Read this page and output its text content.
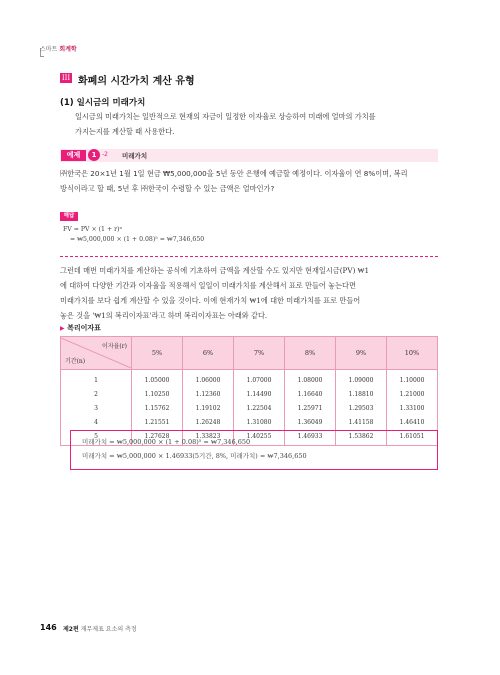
스마트 회계학
III 화폐의 시간가치 계산 유형
(1) 일시금의 미래가치
일시금의 미래가치는 일반적으로 현재의 자금이 일정한 이자율로 상승하여 미래에 얼마의 가치를
가지는지를 계산할 때 사용한다.
예제	1 -2 미래가치
㈜한국은 20×1년 1월 1일 현금 ₩5,000,000을 5년 동안 은행에 예금할 예정이다. 이자율이 연 8%이며, 복리
방식이라고 할 때, 5년 후 ㈜한국이 수령할 수 있는 금액은 얼마인가?
해답
FV = PV × (1 + r)ⁿ
= ₩5,000,000 × (1 + 0.08)⁵ = ₩7,346,650
그런데 매번 미래가치를 계산하는 공식에 기초하여 금액을 계산할 수도 있지만 현재일시금(PV) ₩1
에 대하여 다양한 기간과 이자율을 적용해서 일일이 미래가치를 계산해서 표로 만들어 놓는다면
미래가치를 보다 쉽게 계산할 수 있을 것이다. 이에 현재가치 ₩1에 대한 미래가치를 표로 만들어
놓은 것을 '₩1의 복리이자표'라고 하며 복리이자표는 아래와 같다.
▶ 복리이자표
이자율(r)
기간(n)	5%	6%	7%	8%	9%	10%
1	1.05000	1.06000	1.07000	1.08000	1.09000	1.10000
2	1.10250	1.12360	1.14490	1.16640	1.18810	1.21000
3	1.15762	1.19102	1.22504	1.25971	1.29503	1.33100
4	1.21551	1.26248	1.31080	1.36049	1.41158	1.46410
5	1.27628	1.33823	1.40255	1.46933	1.53862	1.61051
미래가치 = ₩5,000,000 × (1 + 0.08)⁵ = ₩7,346,650
미래가치 = ₩5,000,000 × 1.46933(5기간, 8%, 미래가치) = ₩7,346,650
146 제2편 재무제표 요소의 측정
